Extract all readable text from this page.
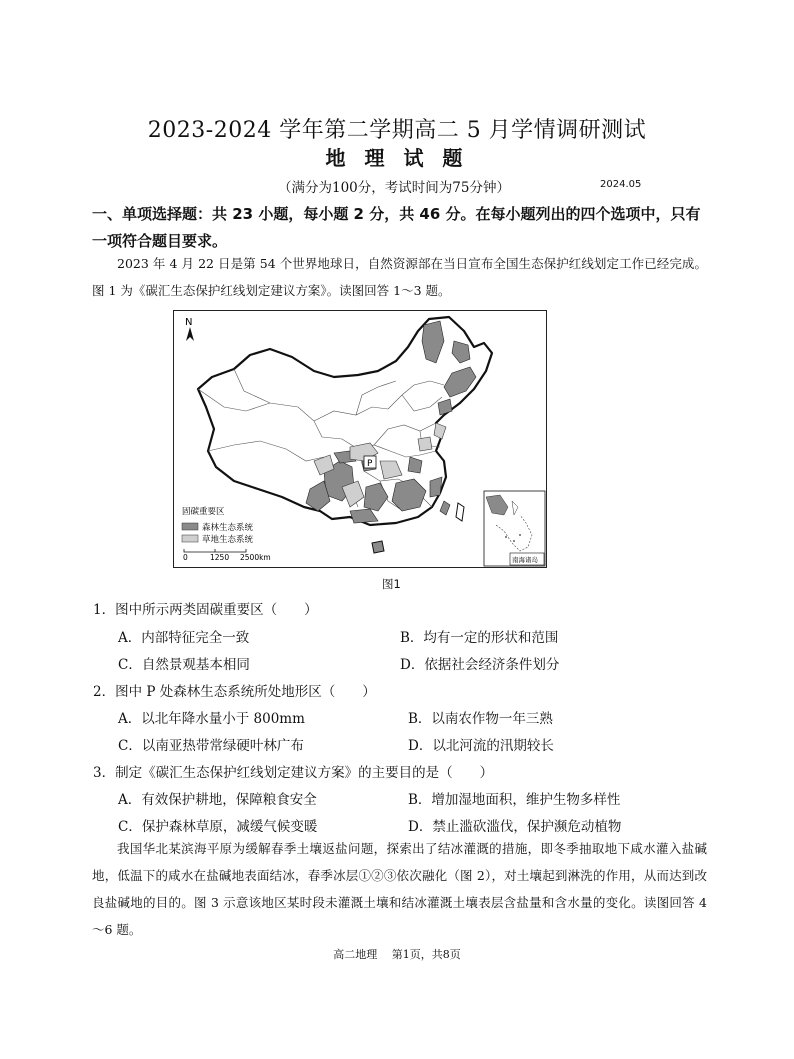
2023-2024 学年第二学期高二 5 月学情调研测试
地 理 试 题
（满分为100分，考试时间为75分钟）	2024.05
一、单项选择题：共 23 小题，每小题 2 分，共 46 分。在每小题列出的四个选项中，只有一项符合题目要求。
2023 年 4 月 22 日是第 54 个世界地球日，自然资源部在当日宣布全国生态保护红线划定工作已经完成。图 1 为《碳汇生态保护红线划定建议方案》。读图回答 1～3 题。
N
P
固碳重要区
森林生态系统
草地生态系统
0	1250 2500km	南海诸岛
图1
1．图中所示两类固碳重要区（　　）
A．内部特征完全一致	B．均有一定的形状和范围
C．自然景观基本相同	D．依据社会经济条件划分
2．图中 P 处森林生态系统所处地形区（　　）
A．以北年降水量小于 800mm	B．以南农作物一年三熟
C．以南亚热带常绿硬叶林广布	D．以北河流的汛期较长
3．制定《碳汇生态保护红线划定建议方案》的主要目的是（　　）
A．有效保护耕地，保障粮食安全	B．增加湿地面积，维护生物多样性
C．保护森林草原，减缓气候变暖	D．禁止滥砍滥伐，保护濒危动植物
我国华北某滨海平原为缓解春季土壤返盐问题，探索出了结冰灌溉的措施，即冬季抽取地下咸水灌入盐碱地，低温下的咸水在盐碱地表面结冰，春季冰层①②③依次融化（图 2），对土壤起到淋洗的作用，从而达到改良盐碱地的目的。图 3 示意该地区某时段未灌溉土壤和结冰灌溉土壤表层含盐量和含水量的变化。读图回答 4～6 题。
高二地理　 第1页，共8页
